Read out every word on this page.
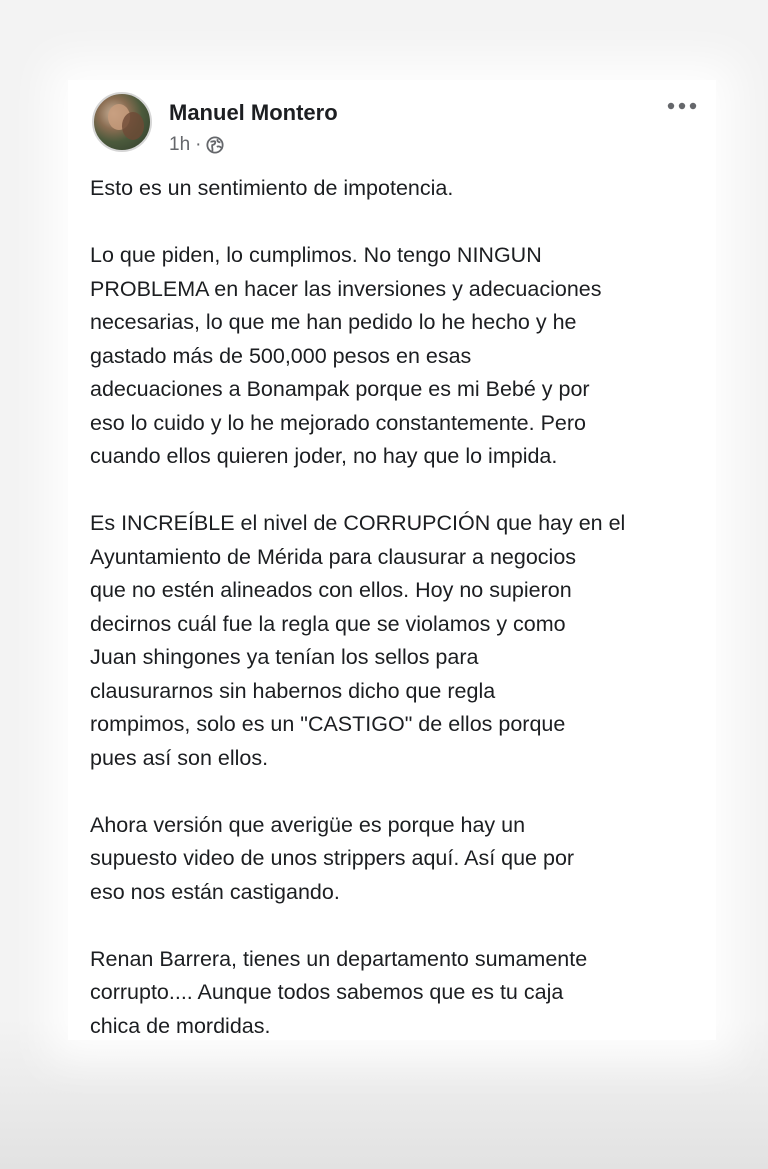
Manuel Montero
1h ·

Esto es un sentimiento de impotencia.

Lo que piden, lo cumplimos. No tengo NINGUN
PROBLEMA en hacer las inversiones y adecuaciones
necesarias, lo que me han pedido lo he hecho y he
gastado más de 500,000 pesos en esas
adecuaciones a Bonampak porque es mi Bebé y por
eso lo cuido y lo he mejorado constantemente. Pero
cuando ellos quieren joder, no hay que lo impida.

Es INCREÍBLE el nivel de CORRUPCIÓN que hay en el
Ayuntamiento de Mérida para clausurar a negocios
que no estén alineados con ellos. Hoy no supieron
decirnos cuál fue la regla que se violamos y como
Juan shingones ya tenían los sellos para
clausurarnos sin habernos dicho que regla
rompimos, solo es un "CASTIGO" de ellos porque
pues así son ellos.

Ahora versión que averigüe es porque hay un
supuesto video de unos strippers aquí. Así que por
eso nos están castigando.

Renan Barrera, tienes un departamento sumamente
corrupto.... Aunque todos sabemos que es tu caja
chica de mordidas.
